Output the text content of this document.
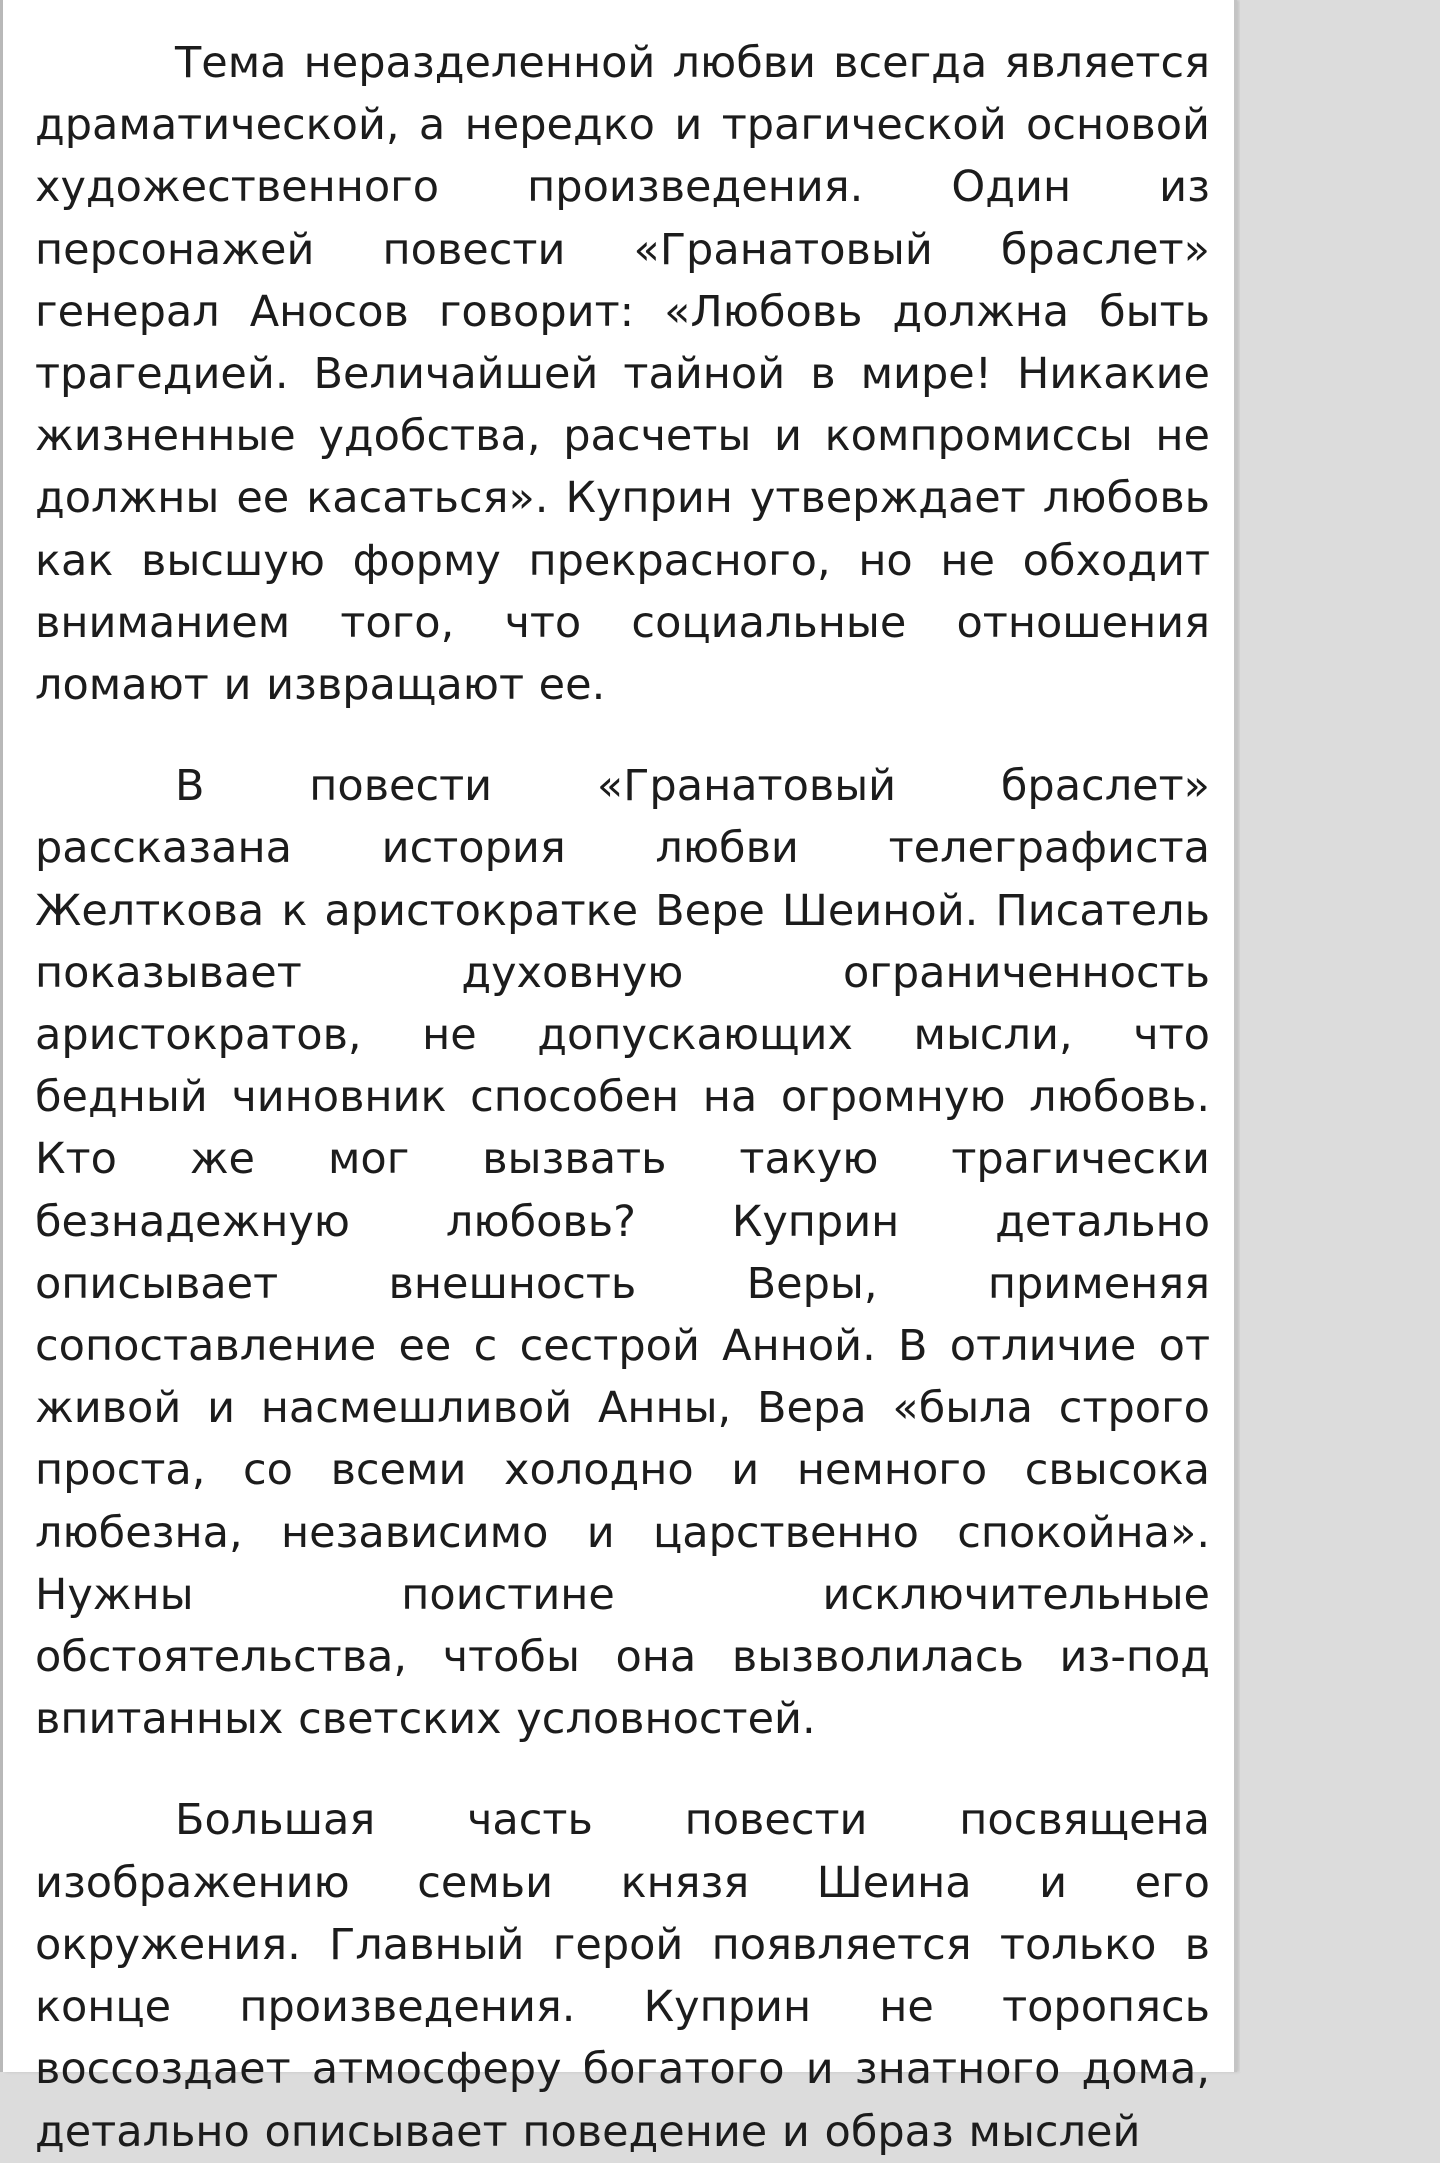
Тема неразделенной любви всегда является драматической, а нередко и трагической основой художественного произведения. Один из персонажей повести «Гранатовый браслет» генерал Аносов говорит: «Любовь должна быть трагедией. Величайшей тайной в мире! Никакие жизненные удобства, расчеты и компромиссы не должны ее касаться». Куприн утверждает любовь как высшую форму прекрасного, но не обходит вниманием того, что социальные отношения ломают и извращают ее.

В повести «Гранатовый браслет» рассказана история любви телеграфиста Желткова к аристократке Вере Шеиной. Писатель показывает духовную ограниченность аристократов, не допускающих мысли, что бедный чиновник способен на огромную любовь. Кто же мог вызвать такую трагически безнадежную любовь? Куприн детально описывает внешность Веры, применяя сопоставление ее с сестрой Анной. В отличие от живой и насмешливой Анны, Вера «была строго проста, со всеми холодно и немного свысока любезна, независимо и царственно спокойна». Нужны поистине исключительные обстоятельства, чтобы она вызволилась из-под впитанных светских условностей.

Большая часть повести посвящена изображению семьи князя Шеина и его окружения. Главный герой появляется только в конце произведения. Куприн не торопясь воссоздает атмосферу богатого и знатного дома, детально описывает поведение и образ мыслей
